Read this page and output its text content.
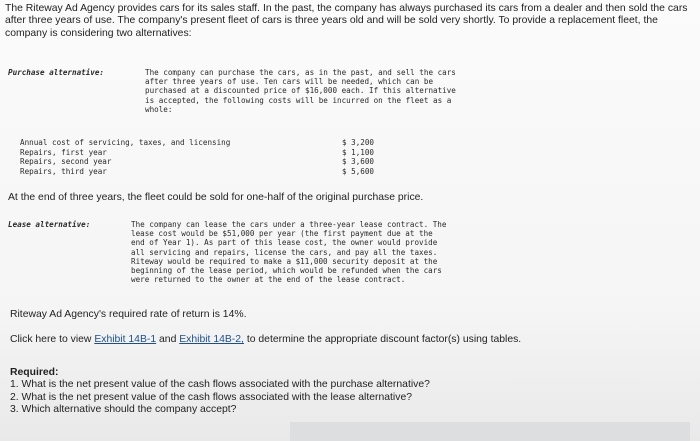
The Riteway Ad Agency provides cars for its sales staff. In the past, the company has always purchased its cars from a dealer and then sold the cars after three years of use. The company's present fleet of cars is three years old and will be sold very shortly. To provide a replacement fleet, the company is considering two alternatives:
Purchase alternative:	The company can purchase the cars, as in the past, and sell the cars
after three years of use. Ten cars will be needed, which can be
purchased at a discounted price of $16,000 each. If this alternative
is accepted, the following costs will be incurred on the fleet as a
whole:
Annual cost of servicing, taxes, and licensing	$ 3,200
Repairs, first year	$ 1,100
Repairs, second year	$ 3,600
Repairs, third year	$ 5,600
At the end of three years, the fleet could be sold for one-half of the original purchase price.
Lease alternative:	The company can lease the cars under a three-year lease contract. The
lease cost would be $51,000 per year (the first payment due at the
end of Year 1). As part of this lease cost, the owner would provide
all servicing and repairs, license the cars, and pay all the taxes.
Riteway would be required to make a $11,000 security deposit at the
beginning of the lease period, which would be refunded when the cars
were returned to the owner at the end of the lease contract.
Riteway Ad Agency's required rate of return is 14%.
Click here to view Exhibit 14B-1 and Exhibit 14B-2, to determine the appropriate discount factor(s) using tables.
Required:
1. What is the net present value of the cash flows associated with the purchase alternative?
2. What is the net present value of the cash flows associated with the lease alternative?
3. Which alternative should the company accept?
